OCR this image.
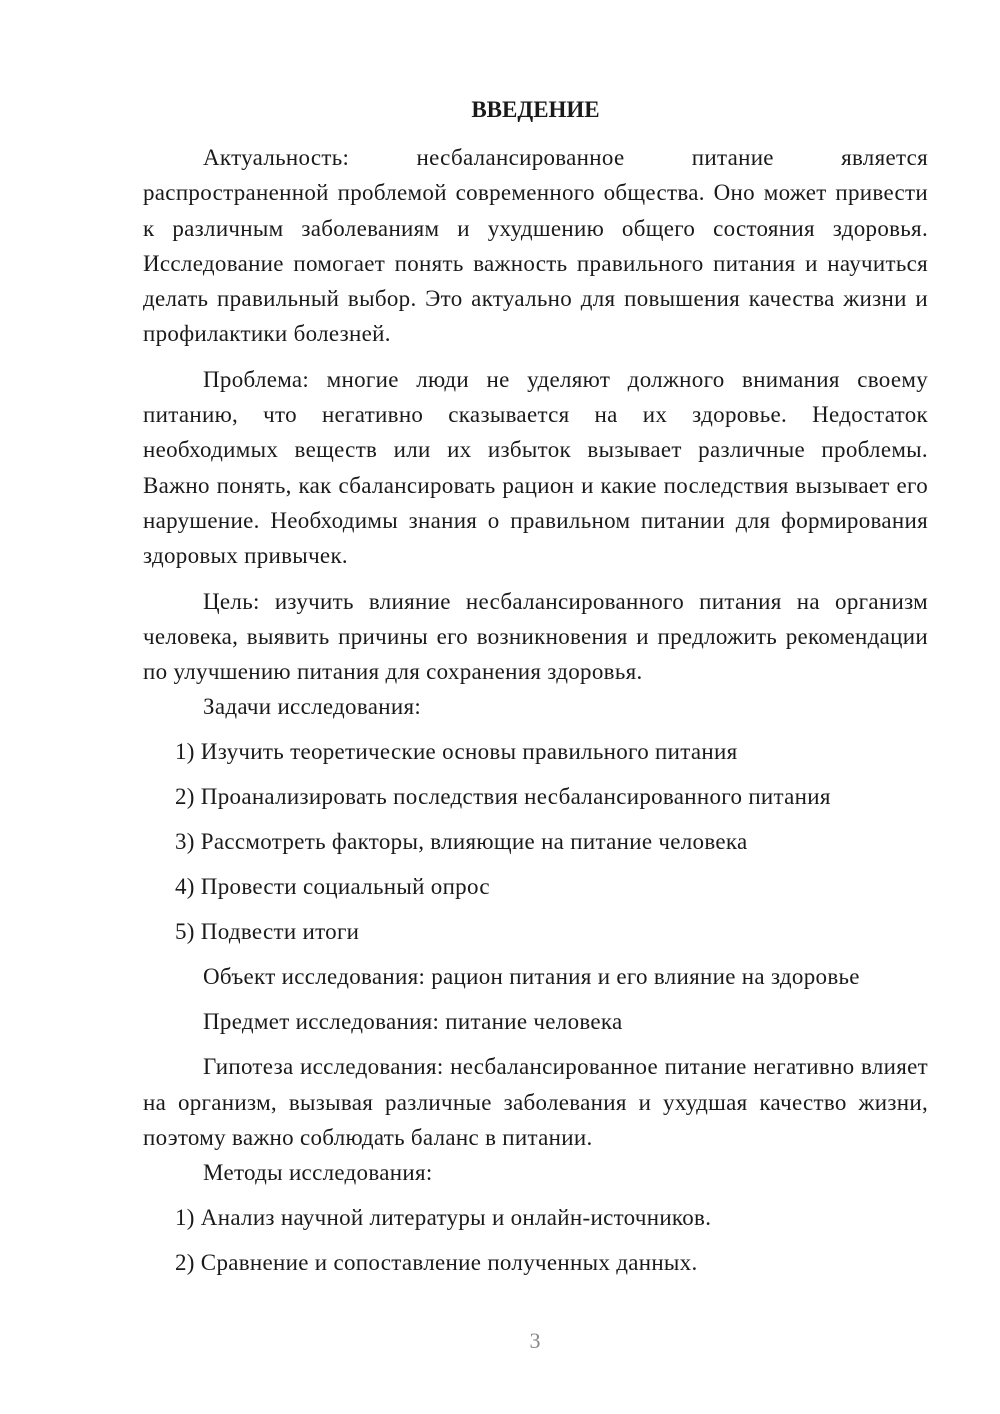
ВВЕДЕНИЕ

Актуальность: несбалансированное питание является распространенной проблемой современного общества. Оно может привести к различным заболеваниям и ухудшению общего состояния здоровья. Исследование помогает понять важность правильного питания и научиться делать правильный выбор. Это актуально для повышения качества жизни и профилактики болезней.

Проблема: многие люди не уделяют должного внимания своему питанию, что негативно сказывается на их здоровье. Недостаток необходимых веществ или их избыток вызывает различные проблемы. Важно понять, как сбалансировать рацион и какие последствия вызывает его нарушение. Необходимы знания о правильном питании для формирования здоровых привычек.

Цель: изучить влияние несбалансированного питания на организм человека, выявить причины его возникновения и предложить рекомендации по улучшению питания для сохранения здоровья.

Задачи исследования:

1) Изучить теоретические основы правильного питания

2) Проанализировать последствия несбалансированного питания

3) Рассмотреть факторы, влияющие на питание человека

4) Провести социальный опрос

5) Подвести итоги

Объект исследования: рацион питания и его влияние на здоровье

Предмет исследования: питание человека

Гипотеза исследования: несбалансированное питание негативно влияет на организм, вызывая различные заболевания и ухудшая качество жизни, поэтому важно соблюдать баланс в питании.

Методы исследования:

1) Анализ научной литературы и онлайн-источников.

2) Сравнение и сопоставление полученных данных.

3
